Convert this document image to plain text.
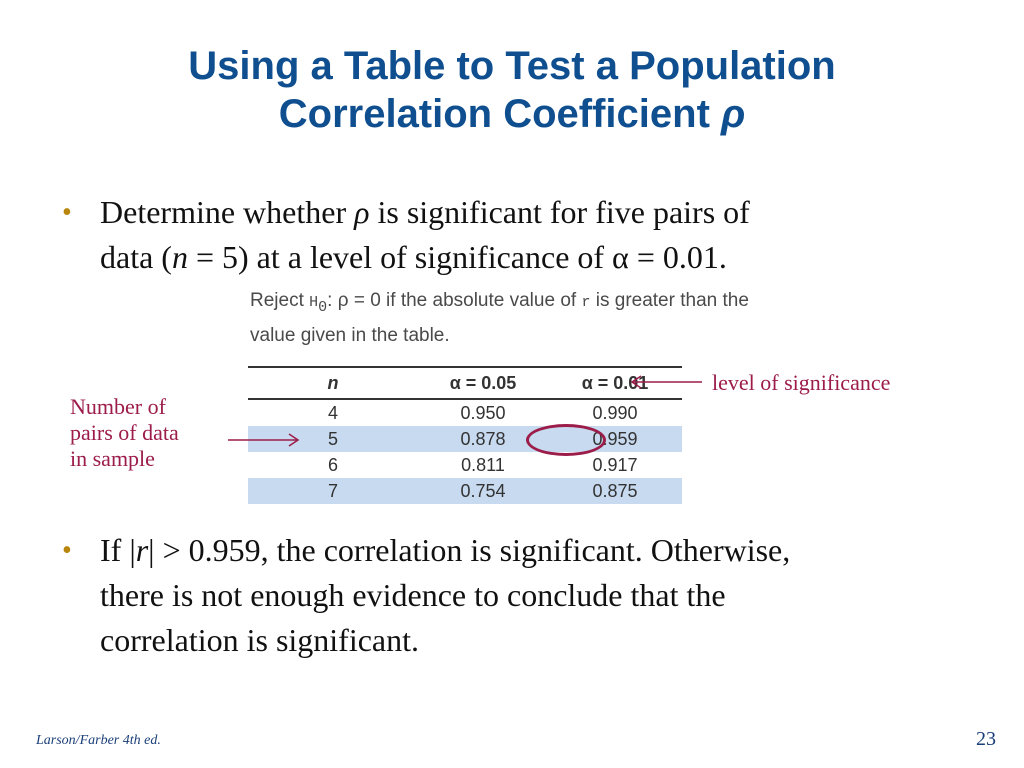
Using a Table to Test a Population
Correlation Coefficient ρ
• Determine whether ρ is significant for five pairs of
data (n = 5) at a level of significance of α = 0.01.
Reject $H_0$: ρ = 0 if the absolute value of r is greater than the
value given in the table.
n	α = 0.05	α = 0.01
4	0.950	0.990
5	0.878	0.959
6	0.811	0.917
7	0.754	0.875
level of significance
Number of
pairs of data
in sample
• If |r| > 0.959, the correlation is significant. Otherwise,
there is not enough evidence to conclude that the
correlation is significant.
Larson/Farber 4th ed.	23
